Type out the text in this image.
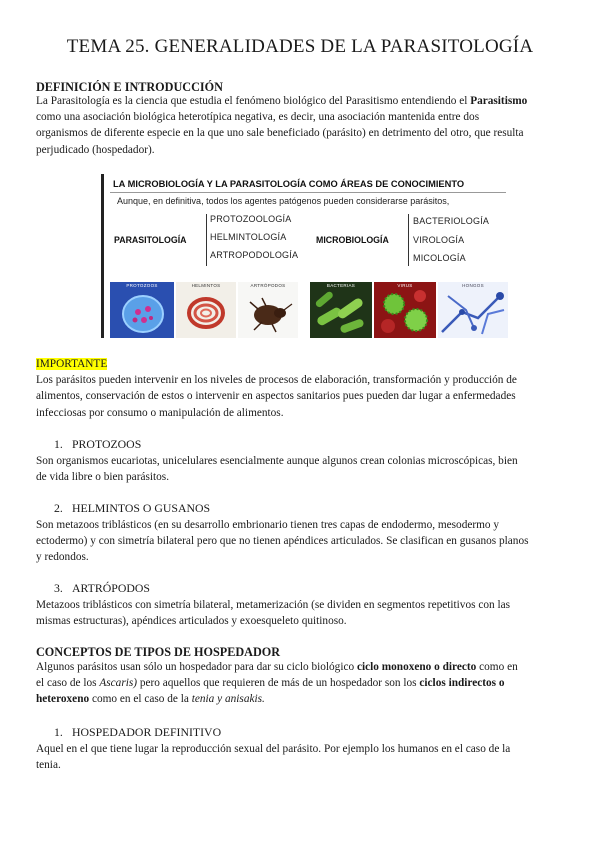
TEMA 25. GENERALIDADES DE LA PARASITOLOGÍA
DEFINICIÓN E INTRODUCCIÓN
La Parasitología es la ciencia que estudia el fenómeno biológico del Parasitismo entendiendo el Parasitismo
como una asociación biológica heterotípica negativa, es decir, una asociación mantenida entre dos
organismos de diferente especie en la que uno sale beneficiado (parásito) en detrimento del otro, que resulta
perjudicado (hospedador).
LA MICROBIOLOGÍA Y LA PARASITOLOGÍA COMO ÁREAS DE CONOCIMIENTO
Aunque, en definitiva, todos los agentes patógenos pueden considerarse parásitos,
PARASITOLOGÍA
PROTOZOOLOGÍA
HELMINTOLOGÍA
ARTROPODOLOGÍA
MICROBIOLOGÍA
BACTERIOLOGÍA
VIROLOGÍA
MICOLOGÍA
PROTOZOOS	HELMINTOS	ARTRÓPODOS	BACTERIAS	VIRUS	HONGOS
IMPORTANTE
Los parásitos pueden intervenir en los niveles de procesos de elaboración, transformación y producción de
alimentos, conservación de estos o intervenir en aspectos sanitarios pues pueden dar lugar a enfermedades
infecciosas por consumo o manipulación de alimentos.
1. PROTOZOOS
Son organismos eucariotas, unicelulares esencialmente aunque algunos crean colonias microscópicas, bien
de vida libre o bien parásitos.
2. HELMINTOS O GUSANOS
Son metazoos triblásticos (en su desarrollo embrionario tienen tres capas de endodermo, mesodermo y
ectodermo) y con simetría bilateral pero que no tienen apéndices articulados. Se clasifican en gusanos planos
y redondos.
3. ARTRÓPODOS
Metazoos triblásticos con simetría bilateral, metamerización (se dividen en segmentos repetitivos con las
mismas estructuras), apéndices articulados y exoesqueleto quitinoso.
CONCEPTOS DE TIPOS DE HOSPEDADOR
Algunos parásitos usan sólo un hospedador para dar su ciclo biológico ciclo monoxeno o directo como en
el caso de los Ascaris) pero aquellos que requieren de más de un hospedador son los ciclos indirectos o
heteroxeno como en el caso de la tenia y anisakis.
1. HOSPEDADOR DEFINITIVO
Aquel en el que tiene lugar la reproducción sexual del parásito. Por ejemplo los humanos en el caso de la
tenia.
